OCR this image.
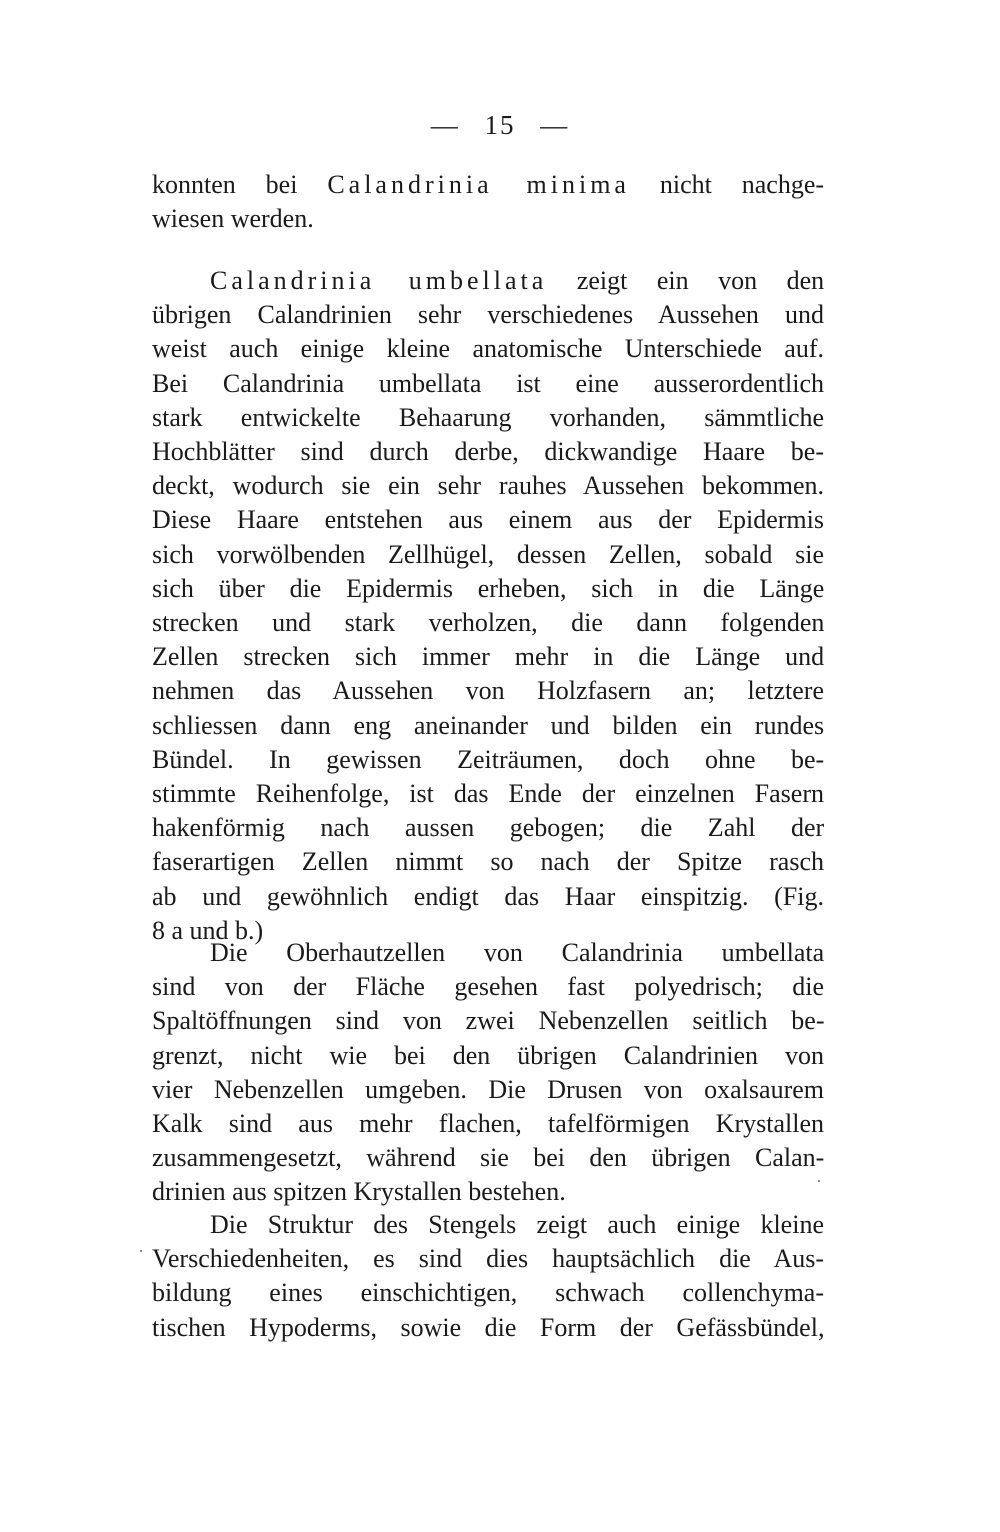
— 15 —
konnten bei Calandrinia minima nicht nachge-
wiesen werden.
Calandrinia umbellata zeigt ein von den
übrigen Calandrinien sehr verschiedenes Aussehen und
weist auch einige kleine anatomische Unterschiede auf.
Bei Calandrinia umbellata ist eine ausserordentlich
stark entwickelte Behaarung vorhanden, sämmtliche
Hochblätter sind durch derbe, dickwandige Haare be-
deckt, wodurch sie ein sehr rauhes Aussehen bekommen.
Diese Haare entstehen aus einem aus der Epidermis
sich vorwölbenden Zellhügel, dessen Zellen, sobald sie
sich über die Epidermis erheben, sich in die Länge
strecken und stark verholzen, die dann folgenden
Zellen strecken sich immer mehr in die Länge und
nehmen das Aussehen von Holzfasern an; letztere
schliessen dann eng aneinander und bilden ein rundes
Bündel. In gewissen Zeiträumen, doch ohne be-
stimmte Reihenfolge, ist das Ende der einzelnen Fasern
hakenförmig nach aussen gebogen; die Zahl der
faserartigen Zellen nimmt so nach der Spitze rasch
ab und gewöhnlich endigt das Haar einspitzig. (Fig.
8 a und b.)
Die Oberhautzellen von Calandrinia umbellata
sind von der Fläche gesehen fast polyedrisch; die
Spaltöffnungen sind von zwei Nebenzellen seitlich be-
grenzt, nicht wie bei den übrigen Calandrinien von
vier Nebenzellen umgeben. Die Drusen von oxalsaurem
Kalk sind aus mehr flachen, tafelförmigen Krystallen
zusammengesetzt, während sie bei den übrigen Calan-
drinien aus spitzen Krystallen bestehen.
Die Struktur des Stengels zeigt auch einige kleine
Verschiedenheiten, es sind dies hauptsächlich die Aus-
bildung eines einschichtigen, schwach collenchyma-
tischen Hypoderms, sowie die Form der Gefässbündel,
